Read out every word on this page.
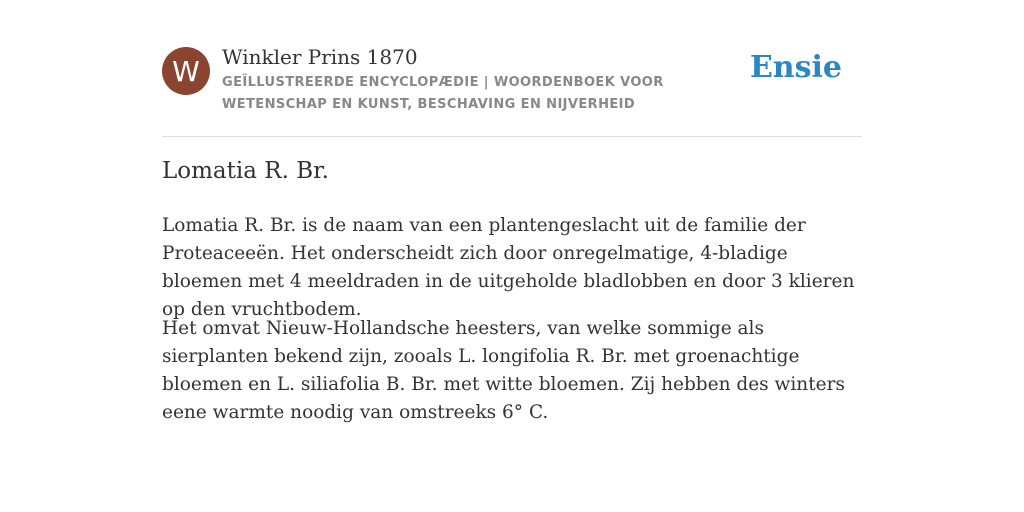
W	Winkler Prins 1870
GEÏLLUSTREERDE ENCYCLOPÆDIE | WOORDENBOEK VOOR WETENSCHAP EN KUNST, BESCHAVING EN NIJVERHEID
Ensie
Lomatia R. Br.

Lomatia R. Br. is de naam van een plantengeslacht uit de familie der Proteaceeën. Het onderscheidt zich door onregelmatige, 4-bladige bloemen met 4 meeldraden in de uitgeholde bladlobben en door 3 klieren op den vruchtbodem.

Het omvat Nieuw-Hollandsche heesters, van welke sommige als sierplanten bekend zijn, zooals L. longifolia R. Br. met groenachtige bloemen en L. siliafolia B. Br. met witte bloemen. Zij hebben des winters eene warmte noodig van omstreeks 6° C.
